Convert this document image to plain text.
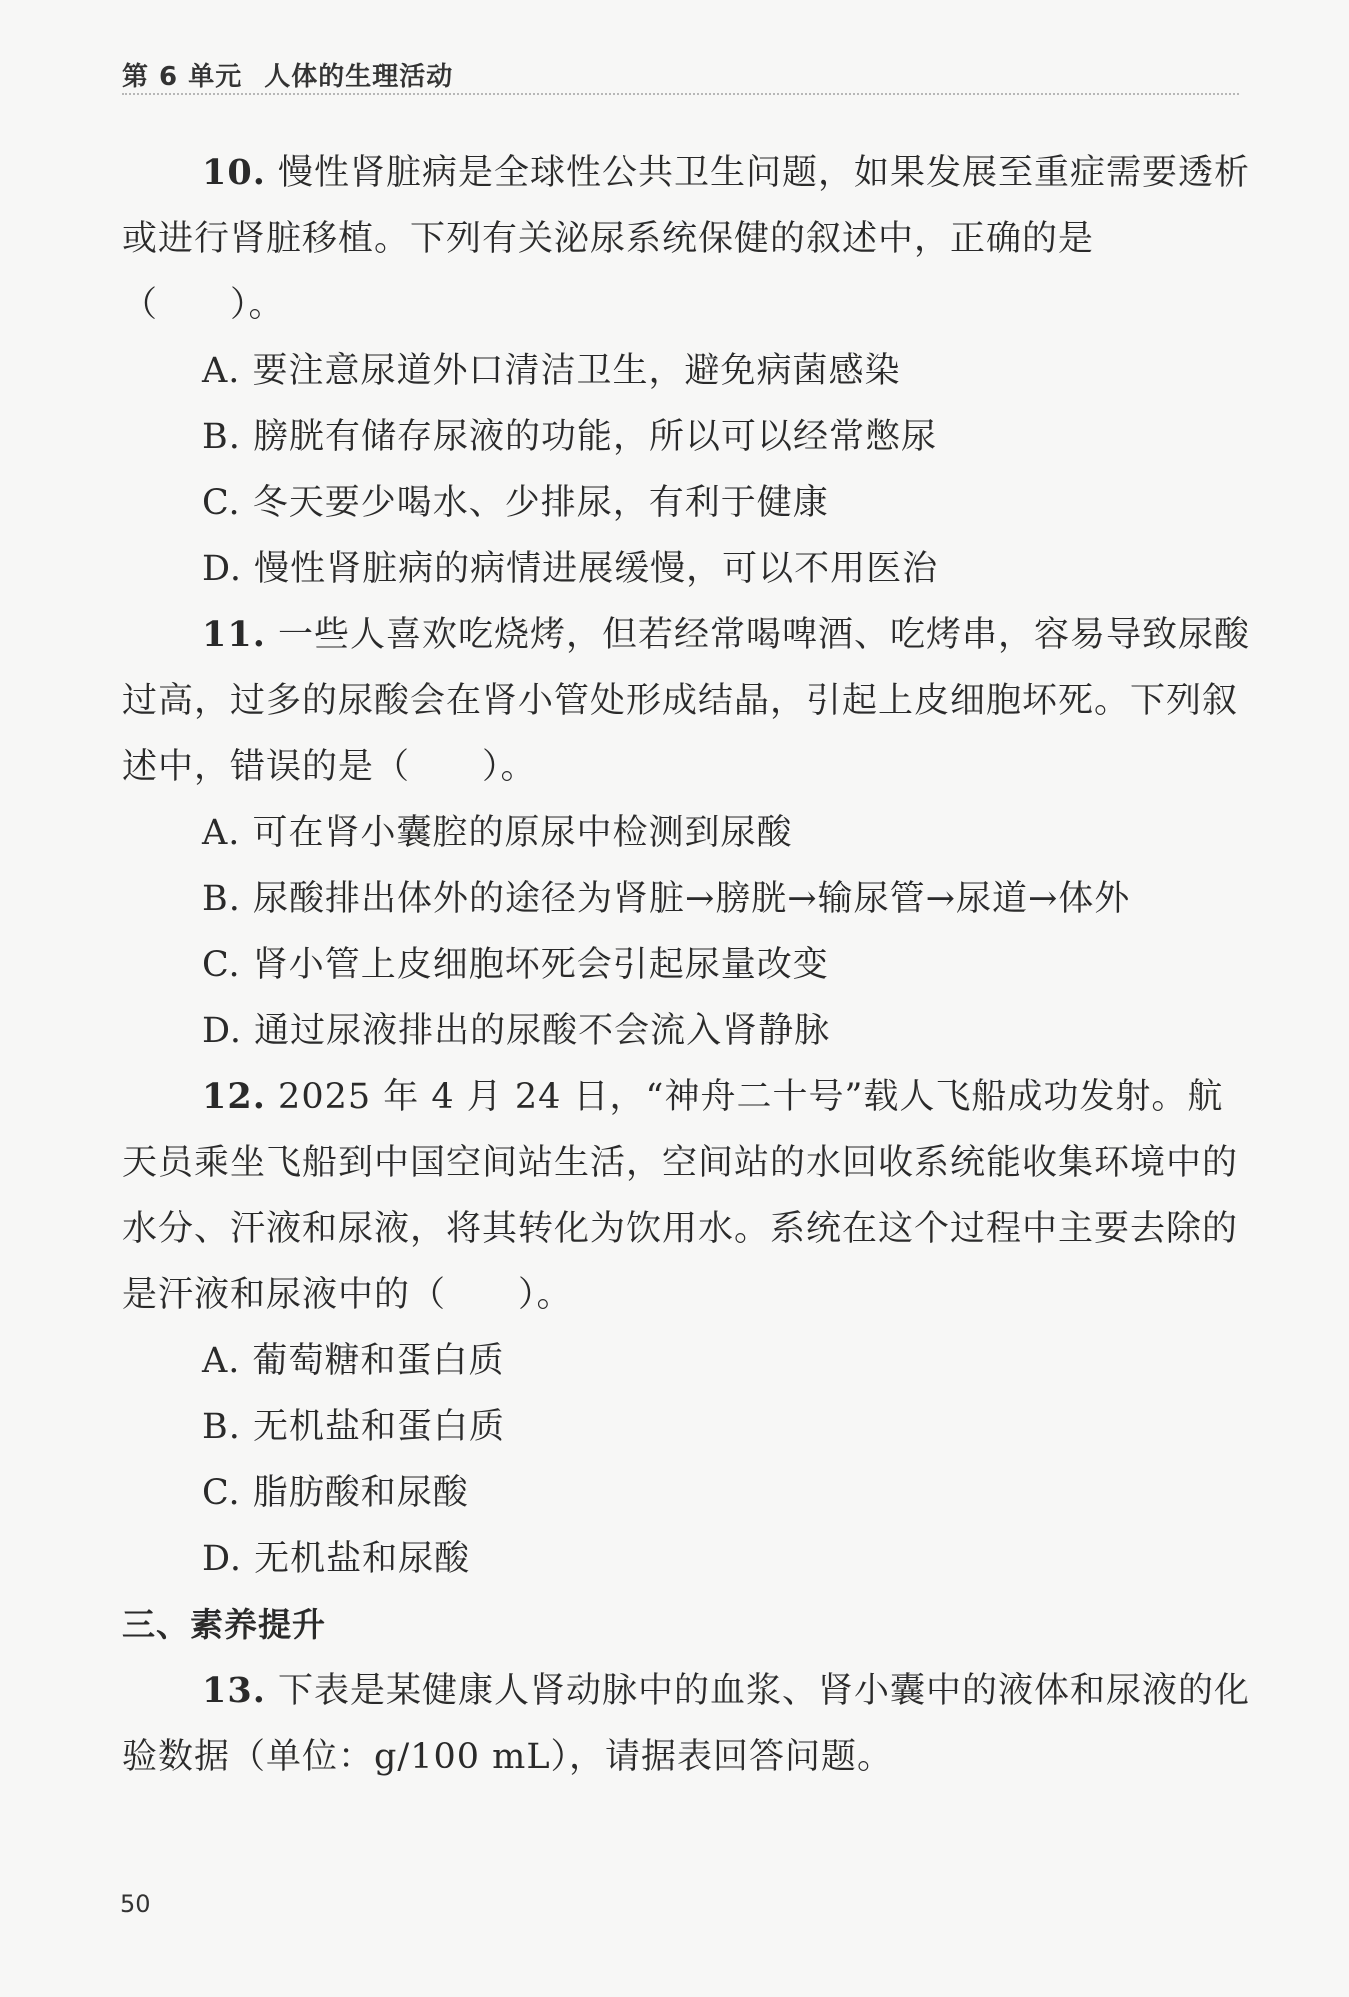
第 6 单元 人体的生理活动

10. 慢性肾脏病是全球性公共卫生问题，如果发展至重症需要透析或进行肾脏移植。下列有关泌尿系统保健的叙述中，正确的是（　　）。

A. 要注意尿道外口清洁卫生，避免病菌感染

B. 膀胱有储存尿液的功能，所以可以经常憋尿

C. 冬天要少喝水、少排尿，有利于健康

D. 慢性肾脏病的病情进展缓慢，可以不用医治

11. 一些人喜欢吃烧烤，但若经常喝啤酒、吃烤串，容易导致尿酸过高，过多的尿酸会在肾小管处形成结晶，引起上皮细胞坏死。下列叙述中，错误的是（　　）。

A. 可在肾小囊腔的原尿中检测到尿酸

B. 尿酸排出体外的途径为肾脏→膀胱→输尿管→尿道→体外

C. 肾小管上皮细胞坏死会引起尿量改变

D. 通过尿液排出的尿酸不会流入肾静脉

12. 2025 年 4 月 24 日，“神舟二十号”载人飞船成功发射。航天员乘坐飞船到中国空间站生活，空间站的水回收系统能收集环境中的水分、汗液和尿液，将其转化为饮用水。系统在这个过程中主要去除的是汗液和尿液中的（　　）。

A. 葡萄糖和蛋白质

B. 无机盐和蛋白质

C. 脂肪酸和尿酸

D. 无机盐和尿酸

三、素养提升

13. 下表是某健康人肾动脉中的血浆、肾小囊中的液体和尿液的化验数据（单位：g/100 mL），请据表回答问题。

50
